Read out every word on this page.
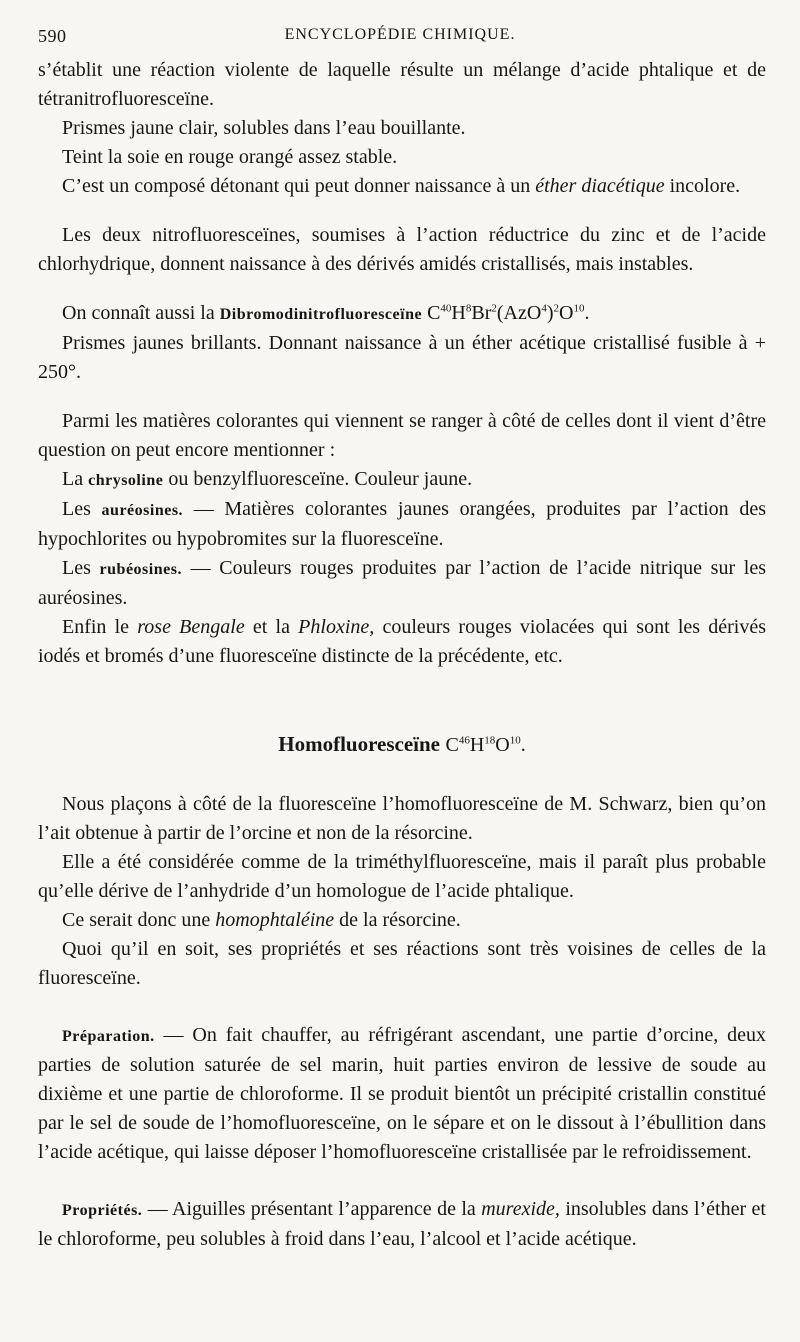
590	ENCYCLOPÉDIE CHIMIQUE.

s’établit une réaction violente de laquelle résulte un mélange d’acide phtalique et de tétranitrofluoresceïne.

Prismes jaune clair, solubles dans l’eau bouillante.

Teint la soie en rouge orangé assez stable.

C’est un composé détonant qui peut donner naissance à un éther diacétique incolore.

Les deux nitrofluoresceïnes, soumises à l’action réductrice du zinc et de l’acide chlorhydrique, donnent naissance à des dérivés amidés cristallisés, mais instables.

On connaît aussi la Dibromodinitrofluoresceïne $C^{40}H^8Br^2(AzO^4)^2O^{10}$.

Prismes jaunes brillants. Donnant naissance à un éther acétique cristallisé fusible à + 250°.

Parmi les matières colorantes qui viennent se ranger à côté de celles dont il vient d’être question on peut encore mentionner :

La chrysoline ou benzylfluoresceïne. Couleur jaune.

Les auréosines. — Matières colorantes jaunes orangées, produites par l’action des hypochlorites ou hypobromites sur la fluoresceïne.

Les rubéosines. — Couleurs rouges produites par l’action de l’acide nitrique sur les auréosines.

Enfin le rose Bengale et la Phloxine, couleurs rouges violacées qui sont les dérivés iodés et bromés d’une fluoresceïne distincte de la précédente, etc.

Homofluoresceïne $C^{46}H^{18}O^{10}$.

Nous plaçons à côté de la fluoresceïne l’homofluoresceïne de M. Schwarz, bien qu’on l’ait obtenue à partir de l’orcine et non de la résorcine.

Elle a été considérée comme de la triméthylfluoresceïne, mais il paraît plus probable qu’elle dérive de l’anhydride d’un homologue de l’acide phtalique.

Ce serait donc une homophtaléine de la résorcine.

Quoi qu’il en soit, ses propriétés et ses réactions sont très voisines de celles de la fluoresceïne.

Préparation. — On fait chauffer, au réfrigérant ascendant, une partie d’orcine, deux parties de solution saturée de sel marin, huit parties environ de lessive de soude au dixième et une partie de chloroforme. Il se produit bientôt un précipité cristallin constitué par le sel de soude de l’homofluoresceïne, on le sépare et on le dissout à l’ébullition dans l’acide acétique, qui laisse déposer l’homofluoresceïne cristallisée par le refroidissement.

Propriétés. — Aiguilles présentant l’apparence de la murexide, insolubles dans l’éther et le chloroforme, peu solubles à froid dans l’eau, l’alcool et l’acide acétique.
